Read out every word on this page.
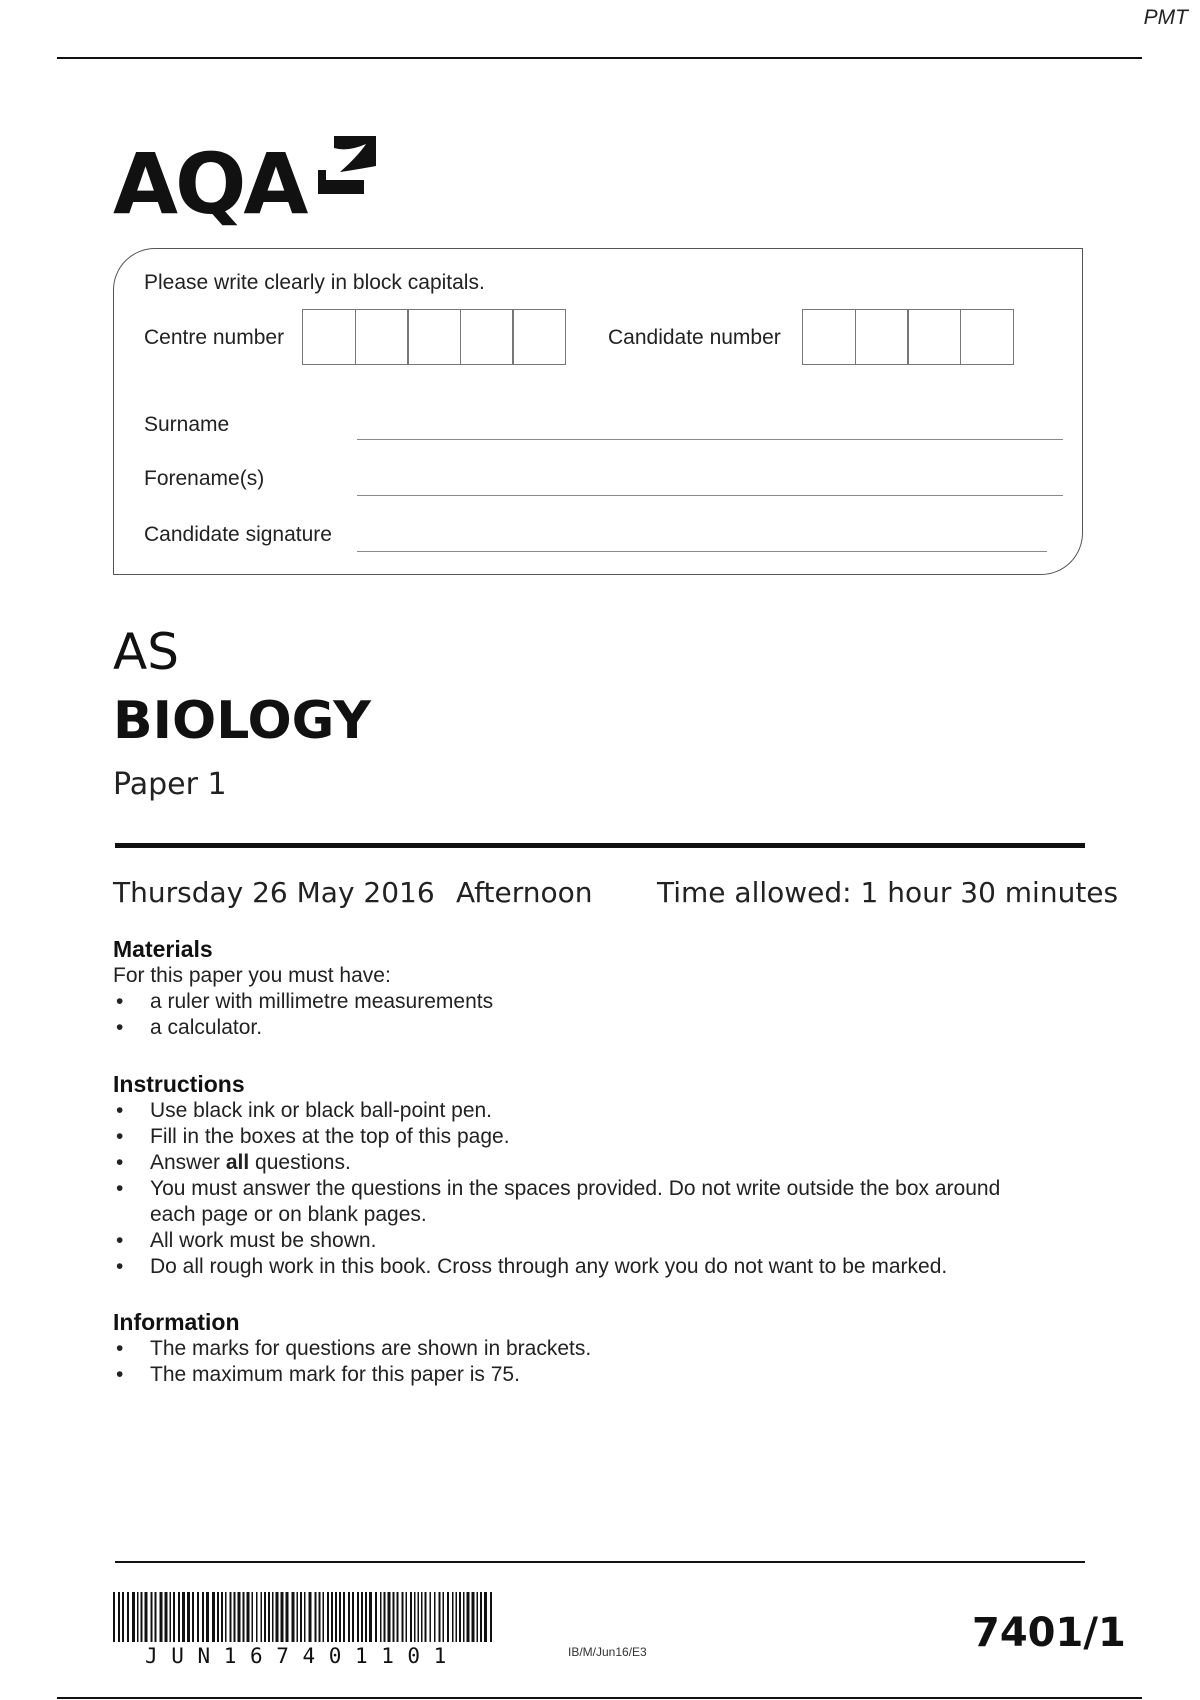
PMT
AQA
Please write clearly in block capitals.
Centre number	Candidate number
Surname
Forename(s)
Candidate signature
AS
BIOLOGY
Paper 1
Thursday 26 May 2016 Afternoon Time allowed: 1 hour 30 minutes
Materials

For this paper you must have:

• a ruler with millimetre measurements
• a calculator.
Instructions
• Use black ink or black ball-point pen.
• Fill in the boxes at the top of this page.
• Answer all questions.
• You must answer the questions in the spaces provided. Do not write outside the box around each page or on blank pages.
• All work must be shown.
• Do all rough work in this book. Cross through any work you do not want to be marked.
Information
• The marks for questions are shown in brackets.
• The maximum mark for this paper is 75.
JUN167401101	IB/M/Jun16/E3	7401/1
